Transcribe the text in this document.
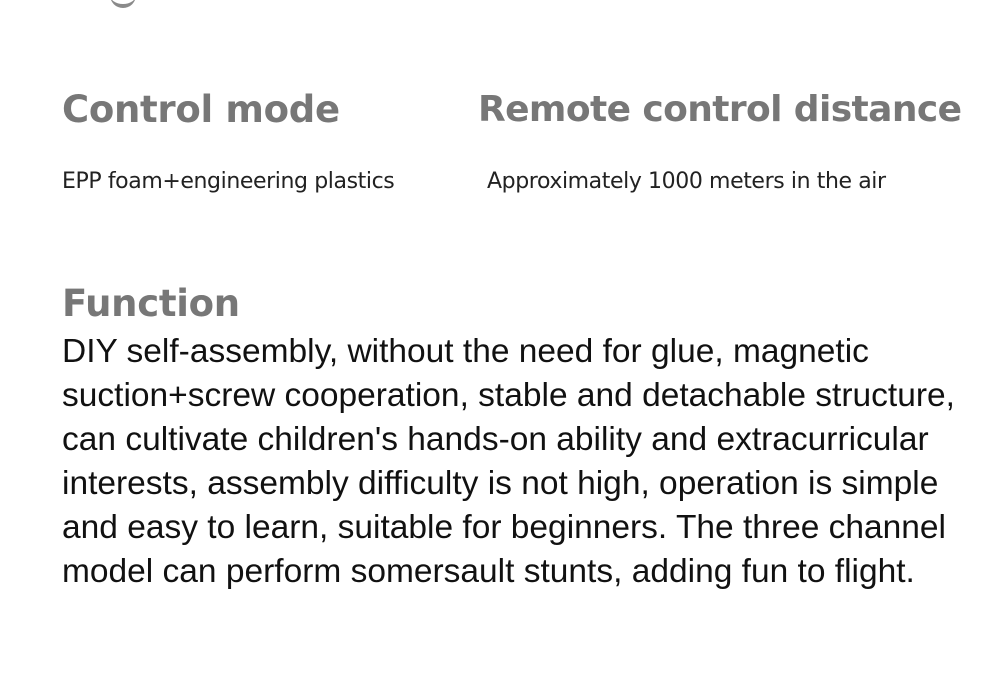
Control mode	Remote control distance

EPP foam+engineering plastics	Approximately 1000 meters in the air

Function

DIY self-assembly, without the need for glue, magnetic suction+screw cooperation, stable and detachable structure, can cultivate children's hands-on ability and extracurricular interests, assembly difficulty is not high, operation is simple and easy to learn, suitable for beginners. The three channel model can perform somersault stunts, adding fun to flight.
